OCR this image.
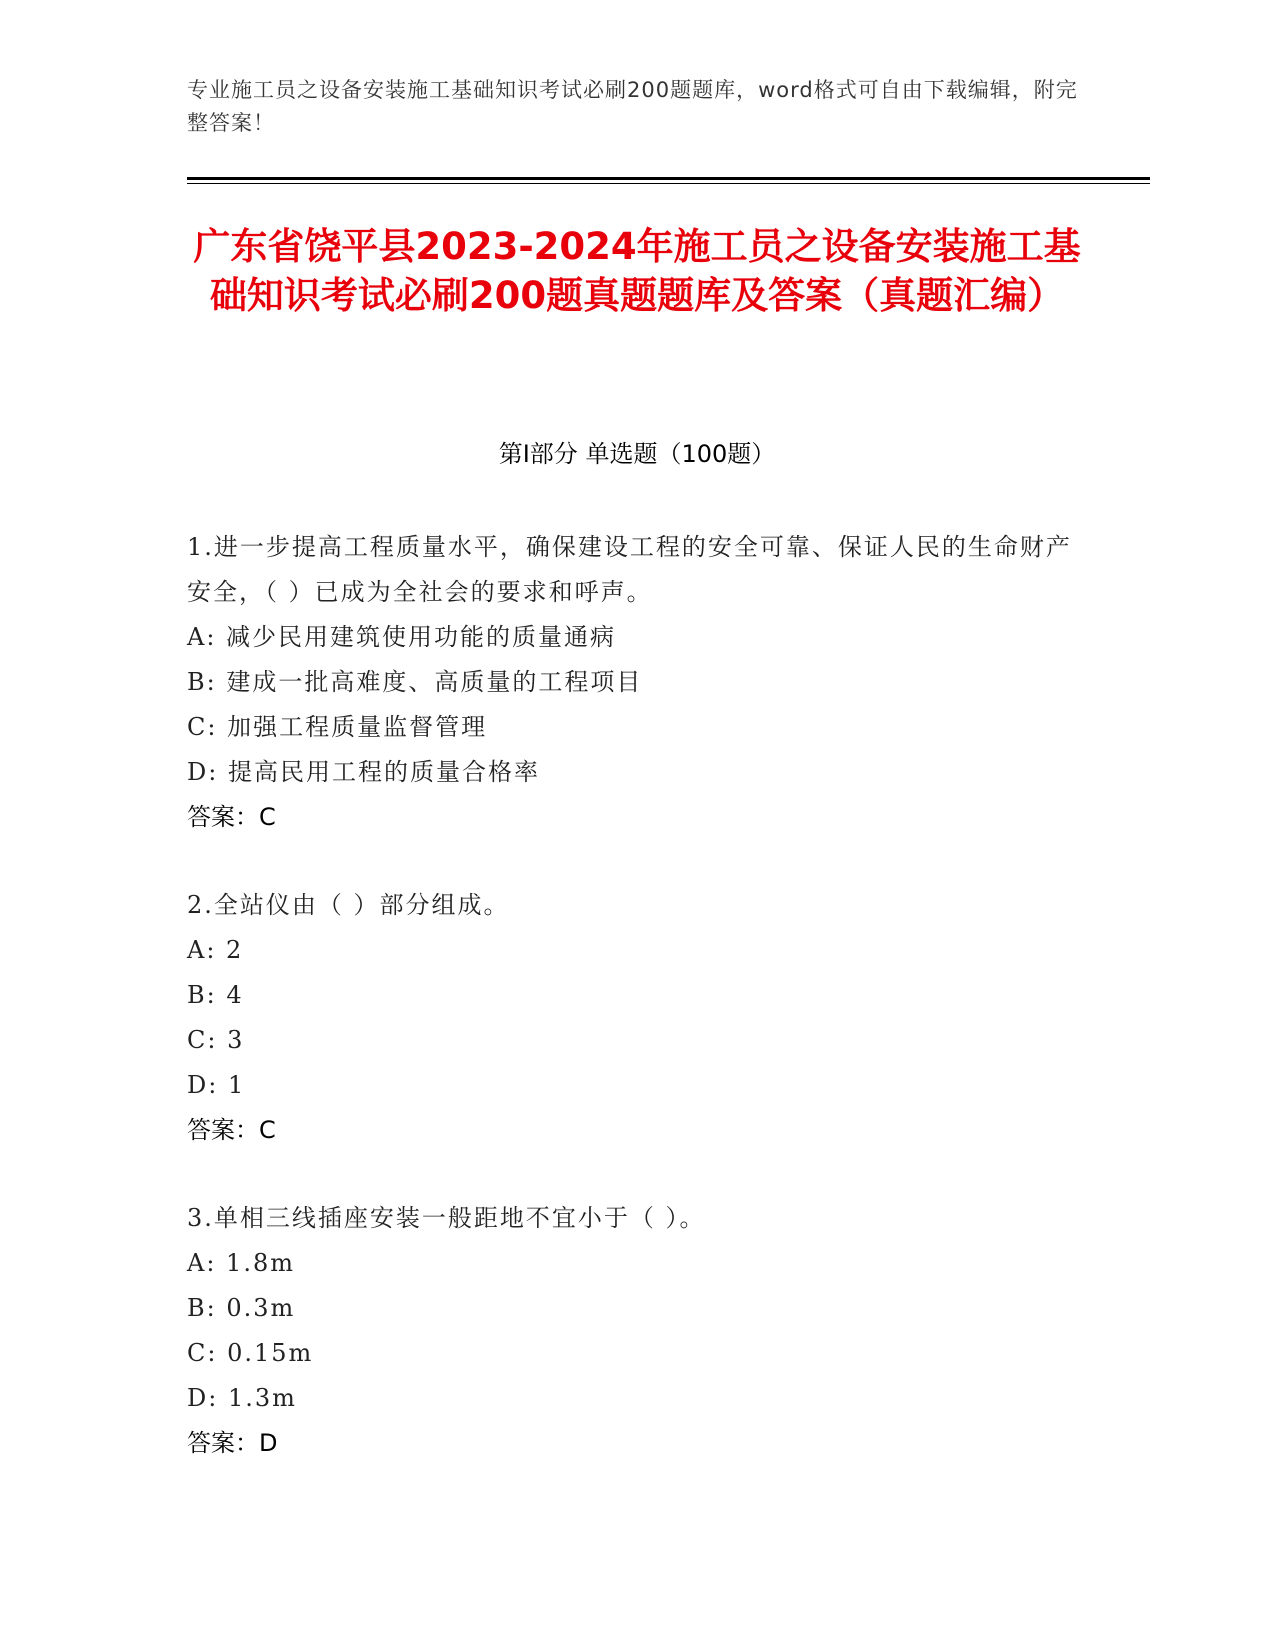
专业施工员之设备安装施工基础知识考试必刷200题题库，word格式可自由下载编辑，附完整答案！
广东省饶平县2023-2024年施工员之设备安装施工基础知识考试必刷200题真题题库及答案（真题汇编）
第Ⅰ部分 单选题（100题）
1.进一步提高工程质量水平，确保建设工程的安全可靠、保证人民的生命财产安全，（ ）已成为全社会的要求和呼声。
A: 减少民用建筑使用功能的质量通病
B: 建成一批高难度、高质量的工程项目
C: 加强工程质量监督管理
D: 提高民用工程的质量合格率
答案：C
2.全站仪由（ ）部分组成。
A: 2
B: 4
C: 3
D: 1
答案：C
3.单相三线插座安装一般距地不宜小于（ ）。
A: 1.8m
B: 0.3m
C: 0.15m
D: 1.3m
答案：D
